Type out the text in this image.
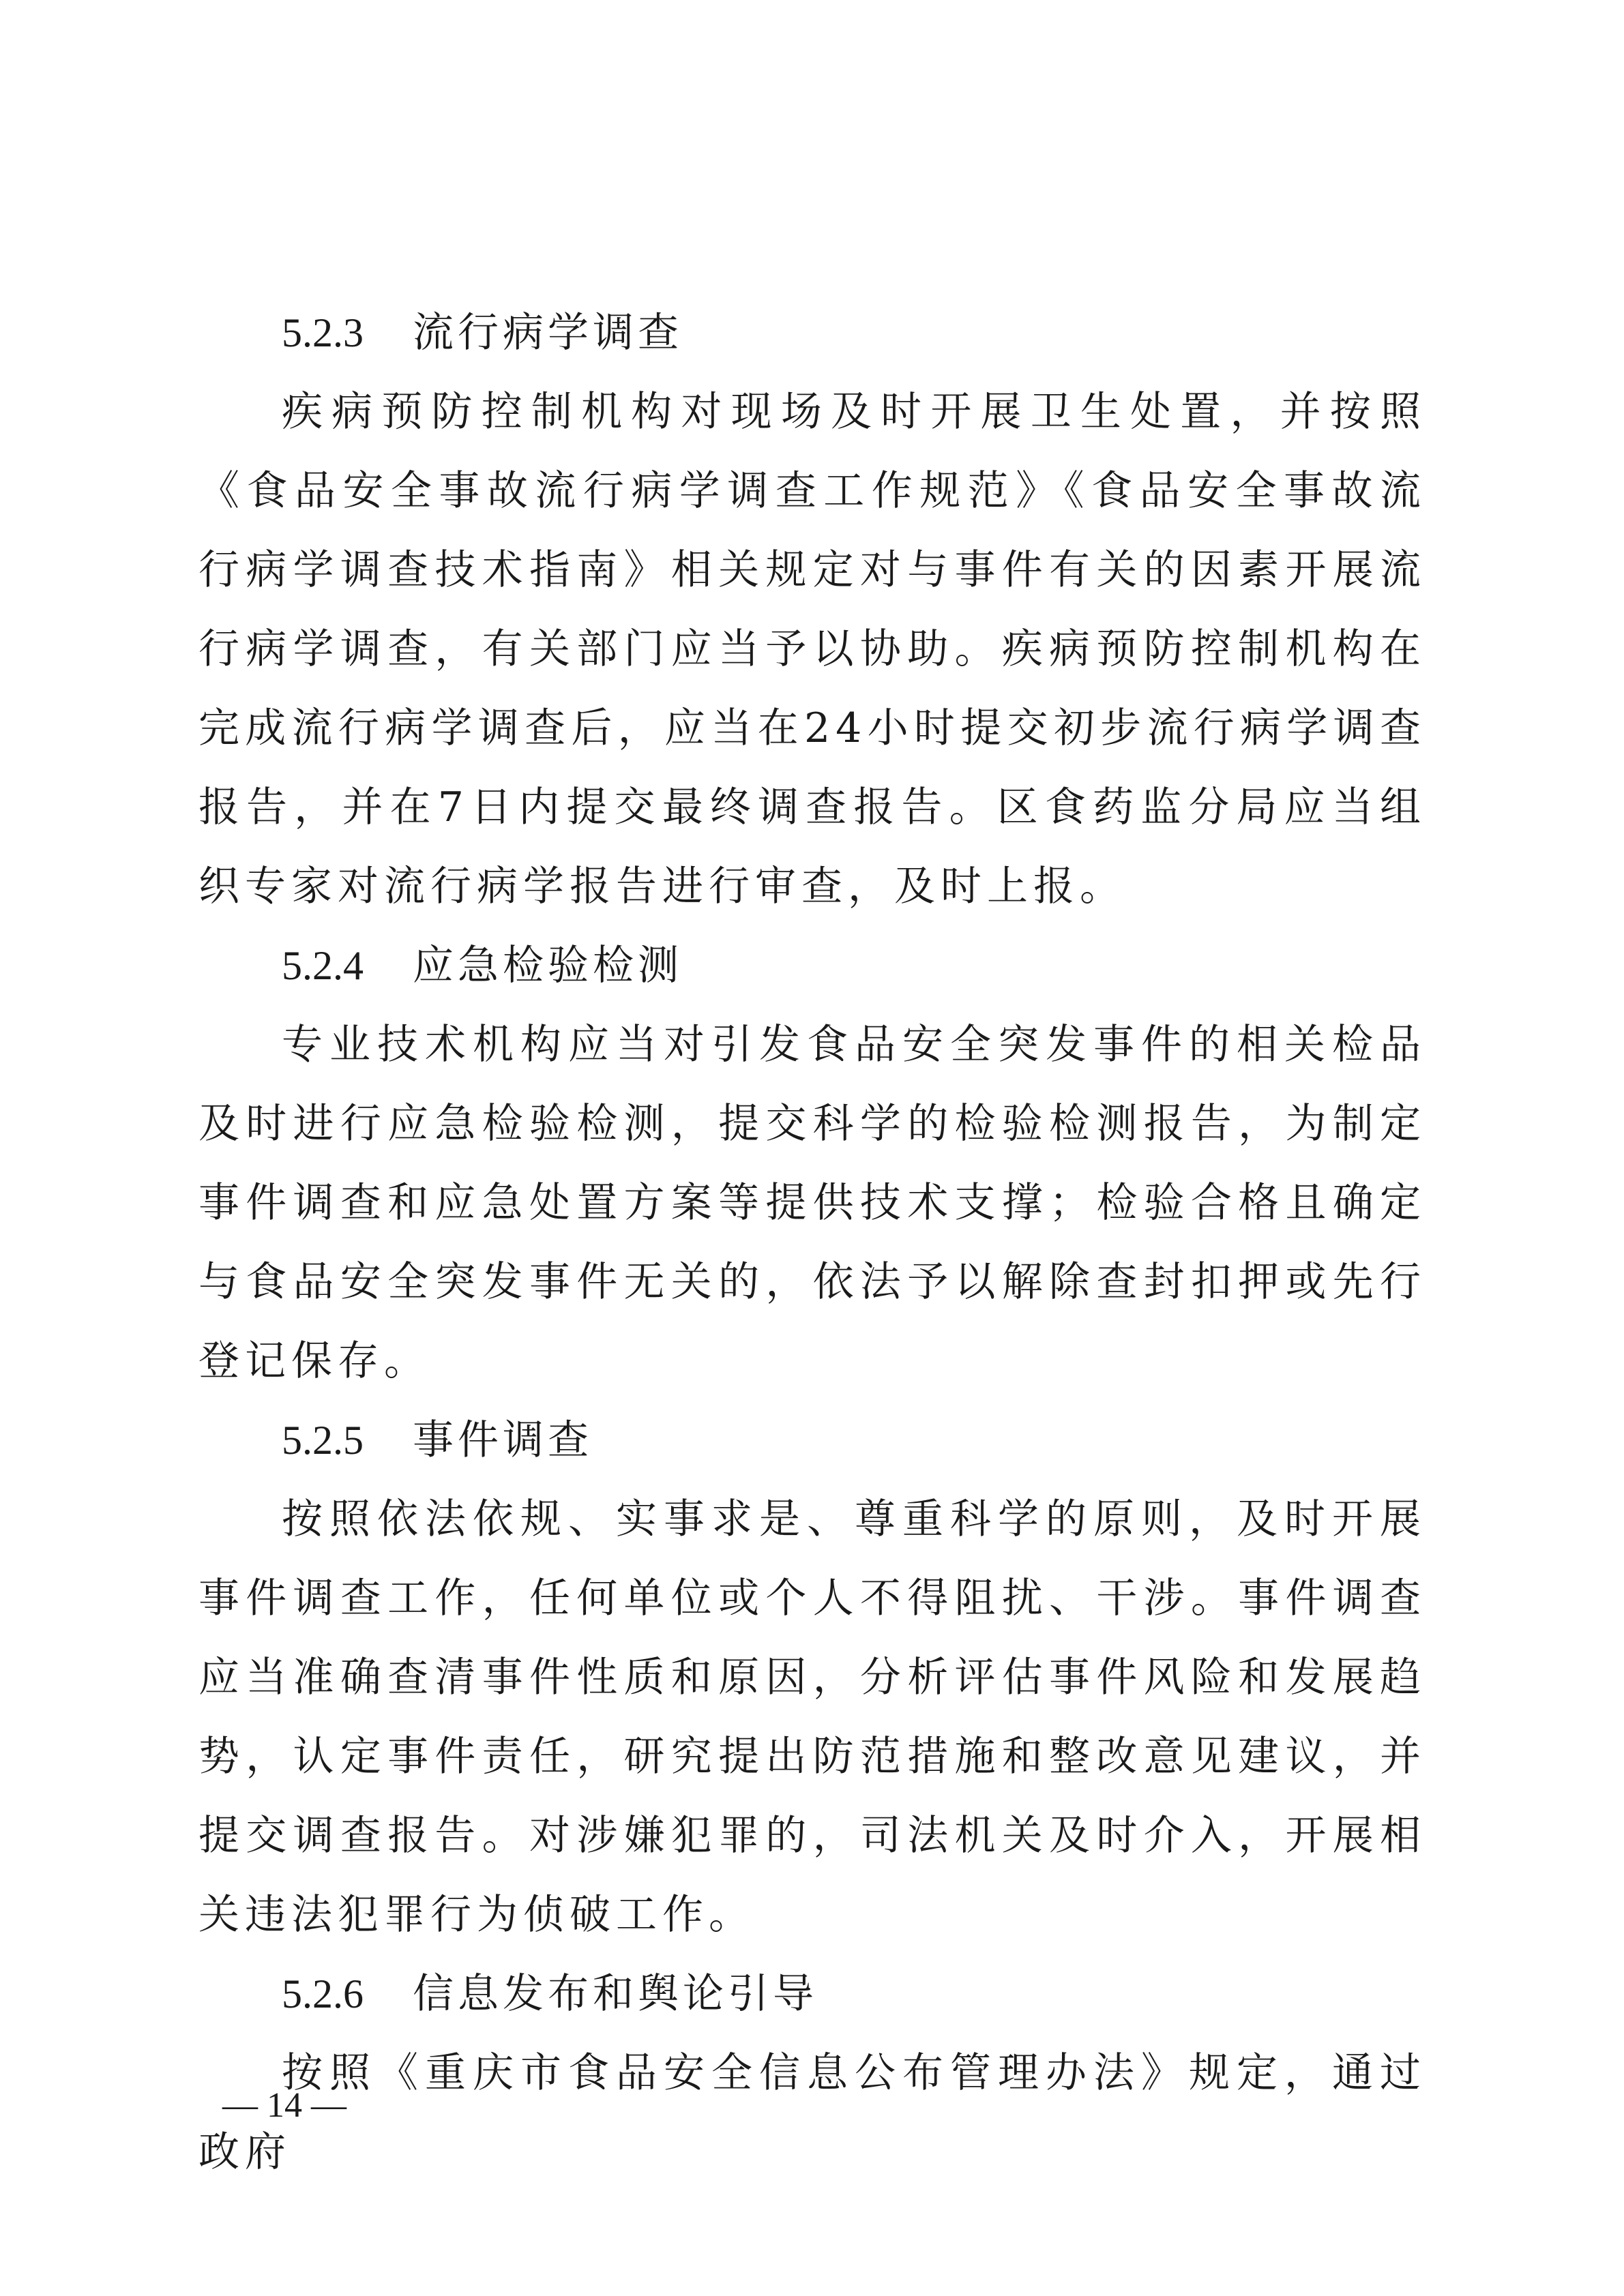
5.2.3 流行病学调查

疾病预防控制机构对现场及时开展卫生处置，并按照《食品安全事故流行病学调查工作规范》《食品安全事故流行病学调查技术指南》相关规定对与事件有关的因素开展流行病学调查，有关部门应当予以协助。疾病预防控制机构在完成流行病学调查后，应当在24小时提交初步流行病学调查报告，并在7日内提交最终调查报告。区食药监分局应当组织专家对流行病学报告进行审查，及时上报。

5.2.4 应急检验检测

专业技术机构应当对引发食品安全突发事件的相关检品及时进行应急检验检测，提交科学的检验检测报告，为制定事件调查和应急处置方案等提供技术支撑；检验合格且确定与食品安全突发事件无关的，依法予以解除查封扣押或先行登记保存。

5.2.5 事件调查

按照依法依规、实事求是、尊重科学的原则，及时开展事件调查工作，任何单位或个人不得阻扰、干涉。事件调查应当准确查清事件性质和原因，分析评估事件风险和发展趋势，认定事件责任，研究提出防范措施和整改意见建议，并提交调查报告。对涉嫌犯罪的，司法机关及时介入，开展相关违法犯罪行为侦破工作。

5.2.6 信息发布和舆论引导

按照《重庆市食品安全信息公布管理办法》规定，通过政府

— 14 —
